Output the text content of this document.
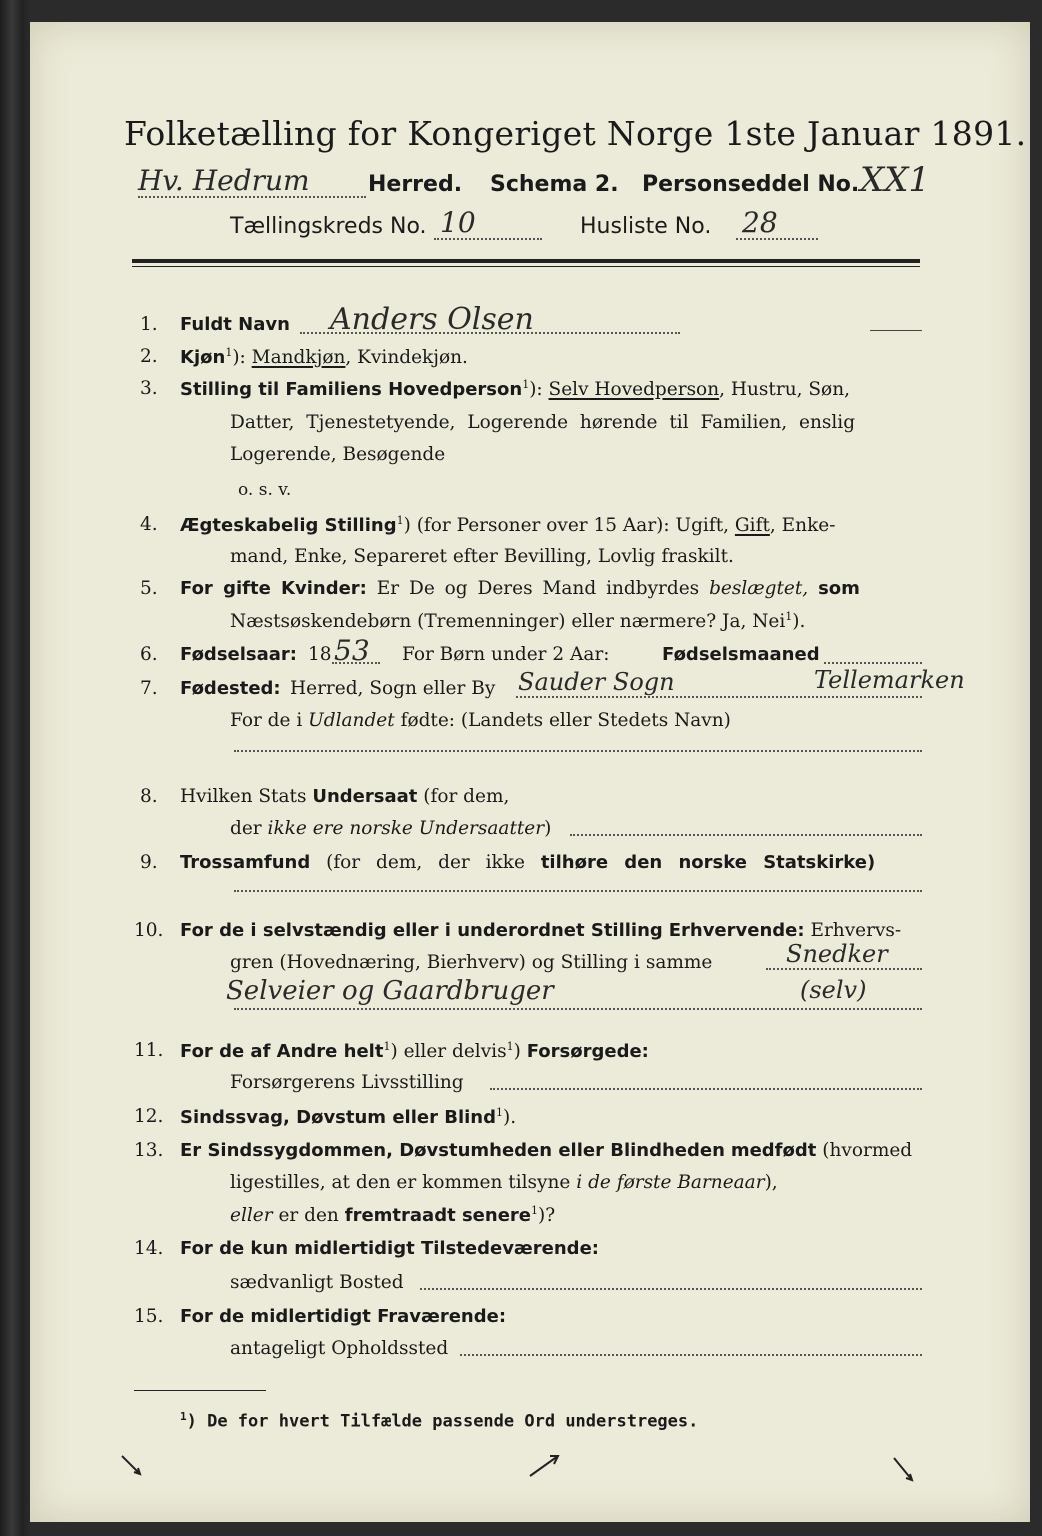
Folketælling for Kongeriget Norge 1ste Januar 1891.
Hv. Hedrum	Herred. Schema 2. Personseddel No. XX1
Tællingskreds No. 10	Husliste No. 28
1. Fuldt Navn Anders Olsen
2. Kjøn$^1$): Mandkjøn, Kvindekjøn.
3. Stilling til Familiens Hovedperson$^1$): Selv Hovedperson, Hustru, Søn,
Datter, Tjenestetyende, Logerende hørende til Familien, enslig
Logerende, Besøgende
o. s. v.
4. Ægteskabelig Stilling$^1$) (for Personer over 15 Aar): Ugift, Gift, Enke-
mand, Enke, Separeret efter Bevilling, Lovlig fraskilt.
5. For gifte Kvinder: Er De og Deres Mand indbyrdes beslægtet, som
Næstsøskendebørn (Tremenninger) eller nærmere? Ja, Nei$^1$).
6. Fødselsaar: 18 53 For Børn under 2 Aar:	Fødselsmaaned
7. Fødested: Herred, Sogn eller By Sauder Sogn	Tellemarken
For de i Udlandet fødte: (Landets eller Stedets Navn)
8. Hvilken Stats Undersaat (for dem,
der ikke ere norske Undersaatter)
9. Trossamfund (for dem, der ikke tilhøre den norske Statskirke)
10. For de i selvstændig eller i underordnet Stilling Erhvervende: Erhvervs-
gren (Hovednæring, Bierhverv) og Stilling i samme	Snedker
Selveier og Gaardbruger	(selv)
11. For de af Andre helt$^1$) eller delvis$^1$) Forsørgede:
Forsørgerens Livsstilling
12. Sindssvag, Døvstum eller Blind$^1$).
13. Er Sindssygdommen, Døvstumheden eller Blindheden medfødt (hvormed
ligestilles, at den er kommen tilsyne i de første Barneaar),
eller er den fremtraadt senere$^1$)?
14. For de kun midlertidigt Tilstedeværende:
sædvanligt Bosted
15. For de midlertidigt Fraværende:
antageligt Opholdssted
$^1$) De for hvert Tilfælde passende Ord understreges.
